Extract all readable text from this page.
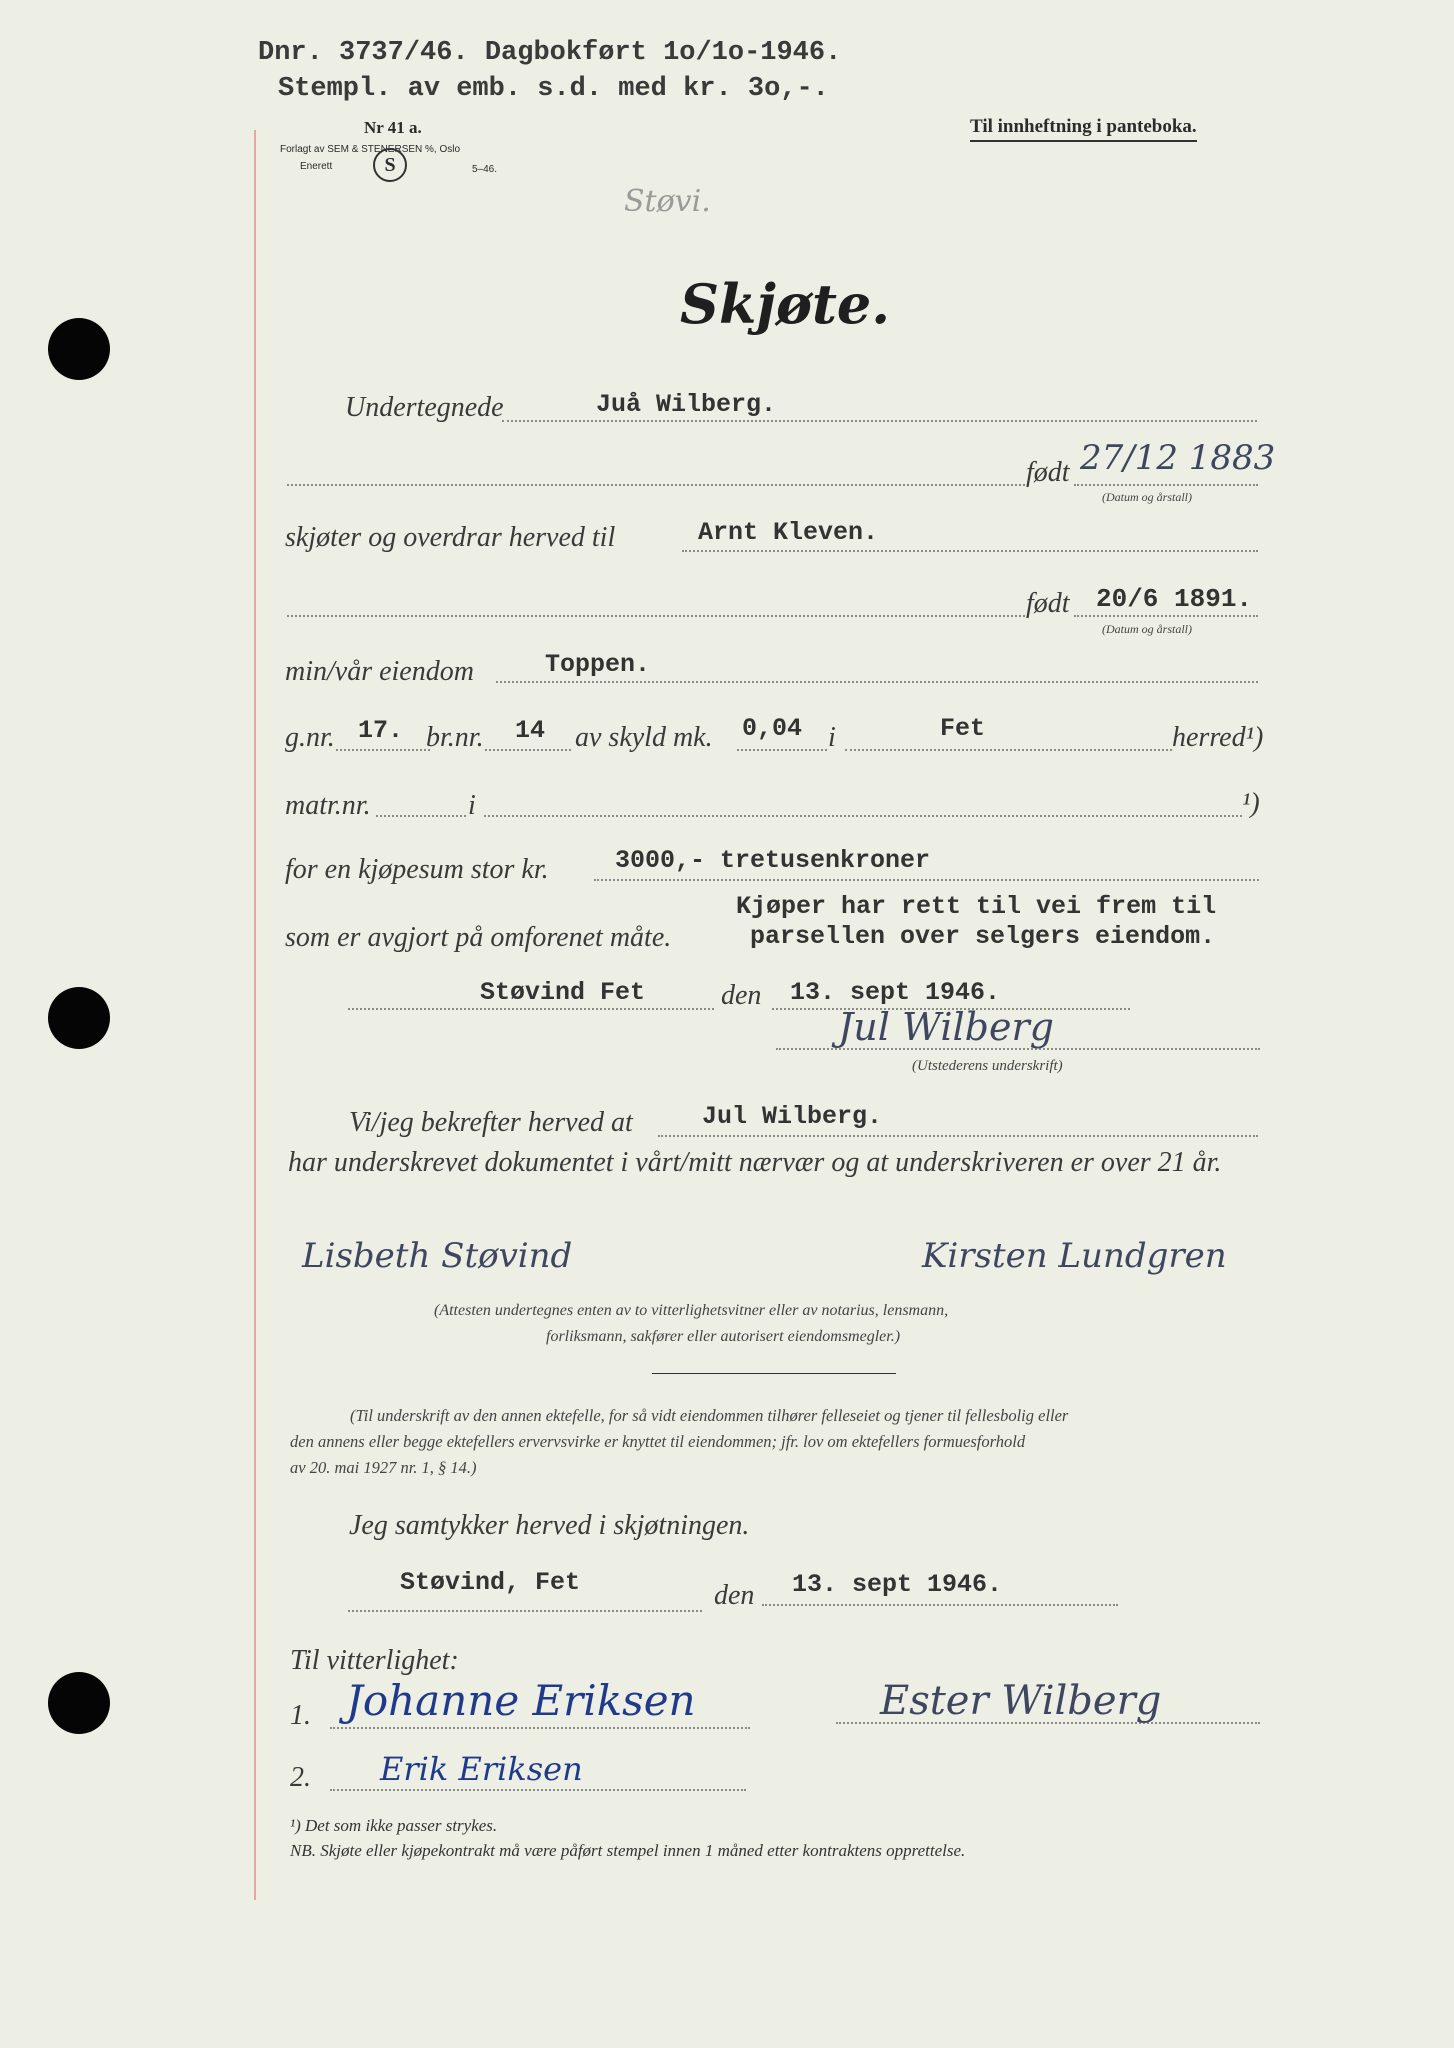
Dnr. 3737/46. Dagbokført 1o/1o-1946.
Stempl. av emb. s.d. med kr. 3o,-.
Nr 41 a.
Forlagt av SEM & STENERSEN %, Oslo
Enerett	S	5–46.
Til innheftning i panteboka.
Støvi.
Skjøte.
Undertegnede	Juå Wilberg.
født 27/12 1883
(Datum og årstall)
skjøter og overdrar herved til	Arnt Kleven.
født 20/6 1891.
(Datum og årstall)
min/vår eiendom	Toppen.
g.nr. 17. br.nr. 14 av skyld mk. 0,04 i	Fet	herred¹)
matr.nr.	i	¹)
for en kjøpesum stor kr.	3000,- tretusenkroner
som er avgjort på omforenet måte.
Kjøper har rett til vei frem til
parsellen over selgers eiendom.
Støvind Fet	den 13. sept 1946.
Jul Wilberg
(Utstederens underskrift)
Vi/jeg bekrefter herved at	Jul Wilberg.
har underskrevet dokumentet i vårt/mitt nærvær og at underskriveren er over 21 år.
Lisbeth Støvind	Kirsten Lundgren
(Attesten undertegnes enten av to vitterlighetsvitner eller av notarius, lensmann,
forliksmann, sakfører eller autorisert eiendomsmegler.)
(Til underskrift av den annen ektefelle, for så vidt eiendommen tilhører felleseiet og tjener til fellesbolig eller
den annens eller begge ektefellers ervervsvirke er knyttet til eiendommen; jfr. lov om ektefellers formuesforhold
av 20. mai 1927 nr. 1, § 14.)
Jeg samtykker herved i skjøtningen.
Støvind, Fet	den 13. sept 1946.
Til vitterlighet:
1. Johanne Eriksen	Ester Wilberg
2. Erik Eriksen
¹) Det som ikke passer strykes.
NB. Skjøte eller kjøpekontrakt må være påført stempel innen 1 måned etter kontraktens opprettelse.
